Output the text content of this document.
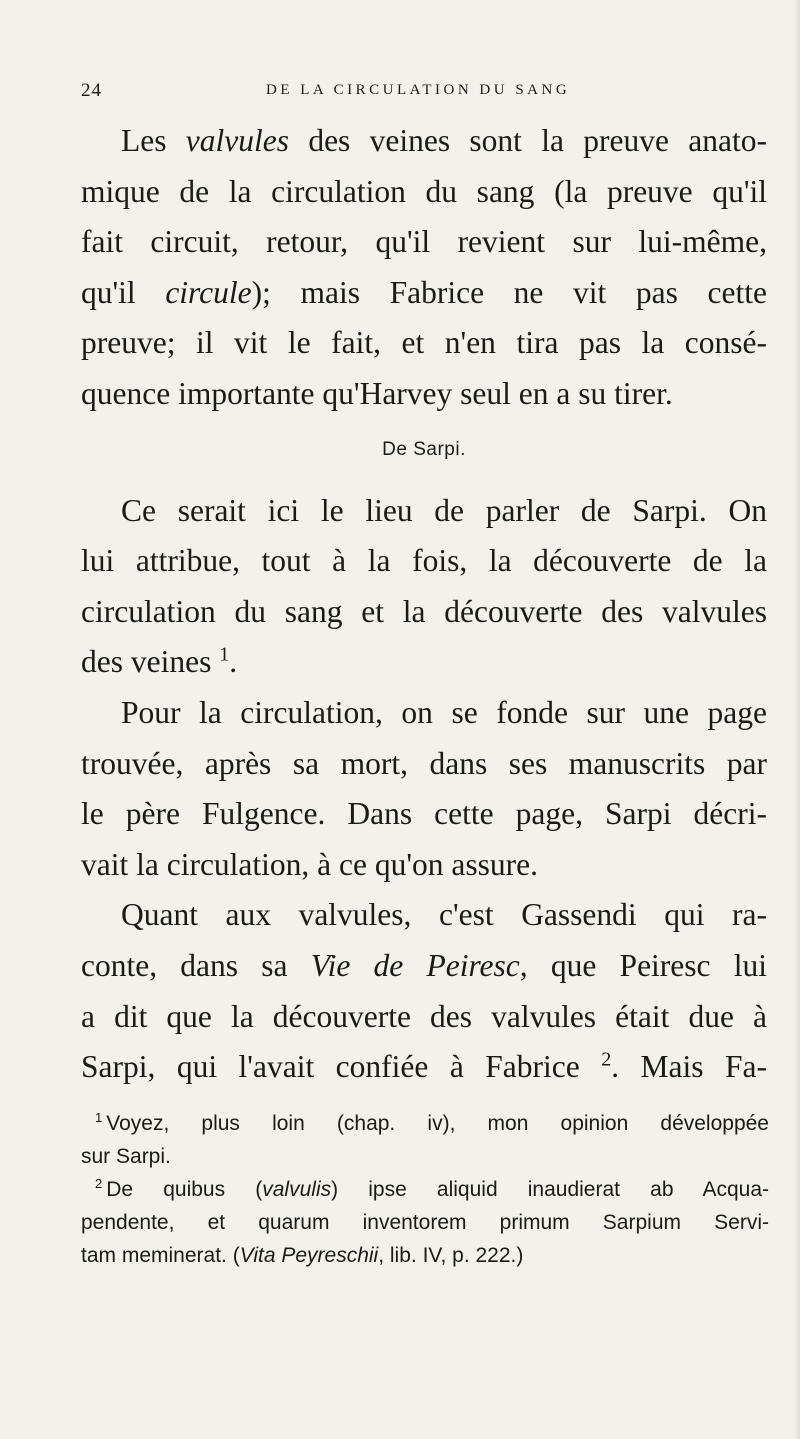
24	DE LA CIRCULATION DU SANG

Les valvules des veines sont la preuve anato-
mique de la circulation du sang (la preuve qu'il
fait circuit, retour, qu'il revient sur lui-même,
qu'il circule); mais Fabrice ne vit pas cette
preuve; il vit le fait, et n'en tira pas la consé-
quence importante qu'Harvey seul en a su tirer.

De Sarpi.

Ce serait ici le lieu de parler de Sarpi. On
lui attribue, tout à la fois, la découverte de la
circulation du sang et la découverte des valvules
des veines $^1$.

Pour la circulation, on se fonde sur une page
trouvée, après sa mort, dans ses manuscrits par
le père Fulgence. Dans cette page, Sarpi décri-
vait la circulation, à ce qu'on assure.

Quant aux valvules, c'est Gassendi qui ra-
conte, dans sa Vie de Peiresc, que Peiresc lui
a dit que la découverte des valvules était due à
Sarpi, qui l'avait confiée à Fabrice $^2$. Mais Fa-

$^1$ Voyez, plus loin (chap. iv), mon opinion développée
sur Sarpi.

$^2$ De quibus (valvulis) ipse aliquid inaudierat ab Acqua-
pendente, et quarum inventorem primum Sarpium Servi-
tam meminerat. (Vita Peyreschii, lib. IV, p. 222.)
